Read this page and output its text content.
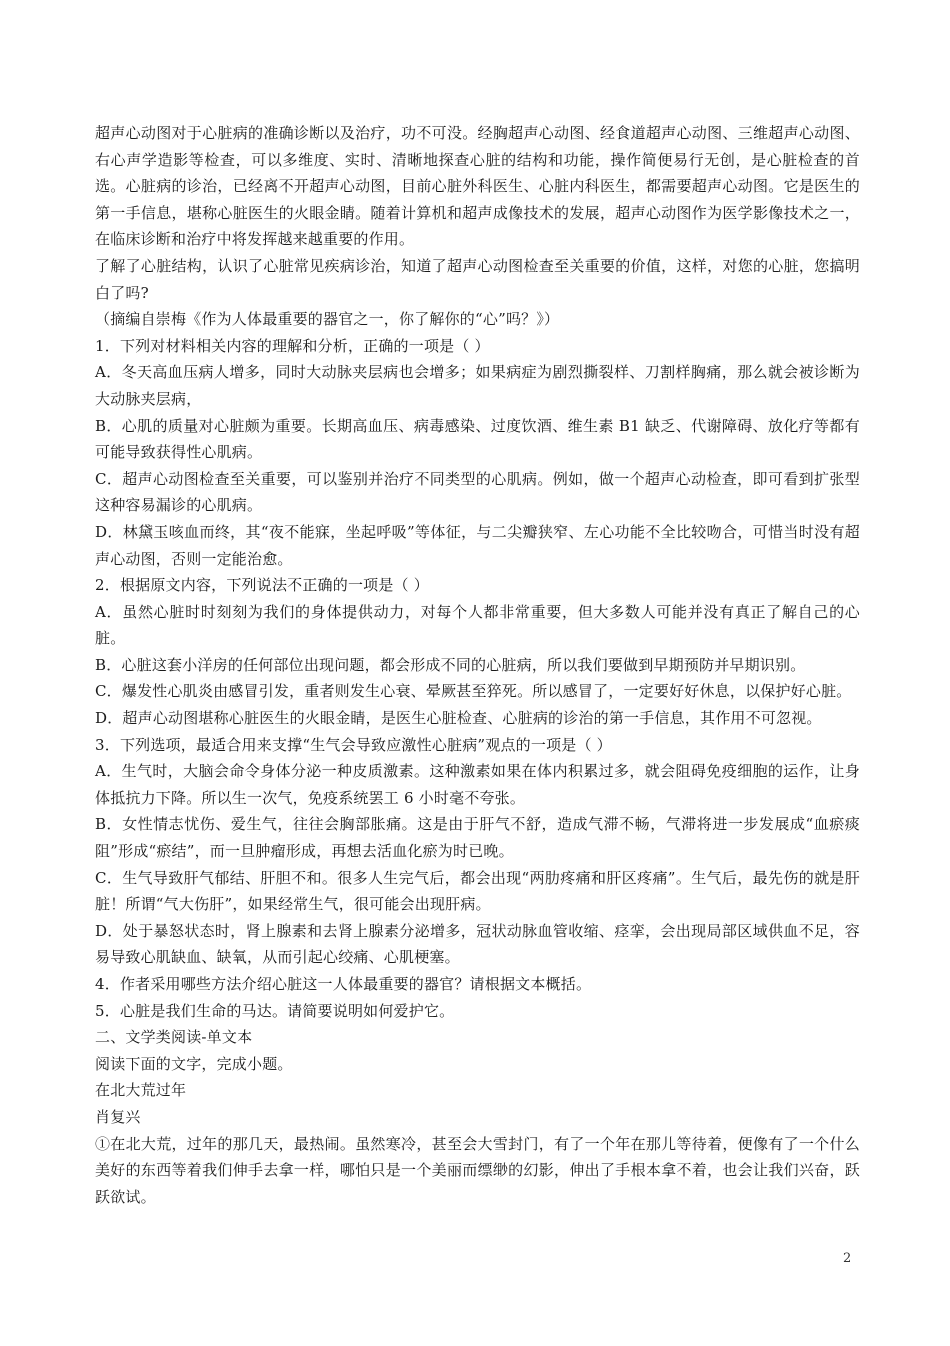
超声心动图对于心脏病的准确诊断以及治疗，功不可没。经胸超声心动图、经食道超声心动图、三维超声心动图、右心声学造影等检查，可以多维度、实时、清晰地探查心脏的结构和功能，操作简便易行无创，是心脏检查的首选。心脏病的诊治，已经离不开超声心动图，目前心脏外科医生、心脏内科医生，都需要超声心动图。它是医生的第一手信息，堪称心脏医生的火眼金睛。随着计算机和超声成像技术的发展，超声心动图作为医学影像技术之一，在临床诊断和治疗中将发挥越来越重要的作用。

了解了心脏结构，认识了心脏常见疾病诊治，知道了超声心动图检查至关重要的价值，这样，对您的心脏，您搞明白了吗?

（摘编自崇梅《作为人体最重要的器官之一，你了解你的“心”吗？》）

1．下列对材料相关内容的理解和分析，正确的一项是（ ）

A．冬天高血压病人增多，同时大动脉夹层病也会增多；如果病症为剧烈撕裂样、刀割样胸痛，那么就会被诊断为大动脉夹层病，

B．心肌的质量对心脏颇为重要。长期高血压、病毒感染、过度饮酒、维生素 B1 缺乏、代谢障碍、放化疗等都有可能导致获得性心肌病。

C．超声心动图检查至关重要，可以鉴别并治疗不同类型的心肌病。例如，做一个超声心动检查，即可看到扩张型这种容易漏诊的心肌病。

D．林黛玉咳血而终，其“夜不能寐，坐起呼吸”等体征，与二尖瓣狭窄、左心功能不全比较吻合，可惜当时没有超声心动图，否则一定能治愈。

2．根据原文内容，下列说法不正确的一项是（ ）

A．虽然心脏时时刻刻为我们的身体提供动力，对每个人都非常重要，但大多数人可能并没有真正了解自己的心脏。

B．心脏这套小洋房的任何部位出现问题，都会形成不同的心脏病，所以我们要做到早期预防并早期识别。

C．爆发性心肌炎由感冒引发，重者则发生心衰、晕厥甚至猝死。所以感冒了，一定要好好休息，以保护好心脏。

D．超声心动图堪称心脏医生的火眼金睛，是医生心脏检查、心脏病的诊治的第一手信息，其作用不可忽视。

3．下列选项，最适合用来支撑“生气会导致应激性心脏病”观点的一项是（ ）

A．生气时，大脑会命令身体分泌一种皮质激素。这种激素如果在体内积累过多，就会阻碍免疫细胞的运作，让身体抵抗力下降。所以生一次气，免疫系统罢工 6 小时毫不夸张。

B．女性情志忧伤、爱生气，往往会胸部胀痛。这是由于肝气不舒，造成气滞不畅，气滞将进一步发展成“血瘀痰阻”形成“瘀结”，而一旦肿瘤形成，再想去活血化瘀为时已晚。

C．生气导致肝气郁结、肝胆不和。很多人生完气后，都会出现“两肋疼痛和肝区疼痛”。生气后，最先伤的就是肝脏！所谓“气大伤肝”，如果经常生气，很可能会出现肝病。

D．处于暴怒状态时，肾上腺素和去肾上腺素分泌增多，冠状动脉血管收缩、痉挛，会出现局部区域供血不足，容易导致心肌缺血、缺氧，从而引起心绞痛、心肌梗塞。

4．作者采用哪些方法介绍心脏这一人体最重要的器官？请根据文本概括。

5．心脏是我们生命的马达。请简要说明如何爱护它。

二、文学类阅读-单文本

阅读下面的文字，完成小题。

在北大荒过年

肖复兴

①在北大荒，过年的那几天，最热闹。虽然寒冷，甚至会大雪封门，有了一个年在那儿等待着，便像有了一个什么美好的东西等着我们伸手去拿一样，哪怕只是一个美丽而缥缈的幻影，伸出了手根本拿不着，也会让我们兴奋，跃跃欲试。

2
